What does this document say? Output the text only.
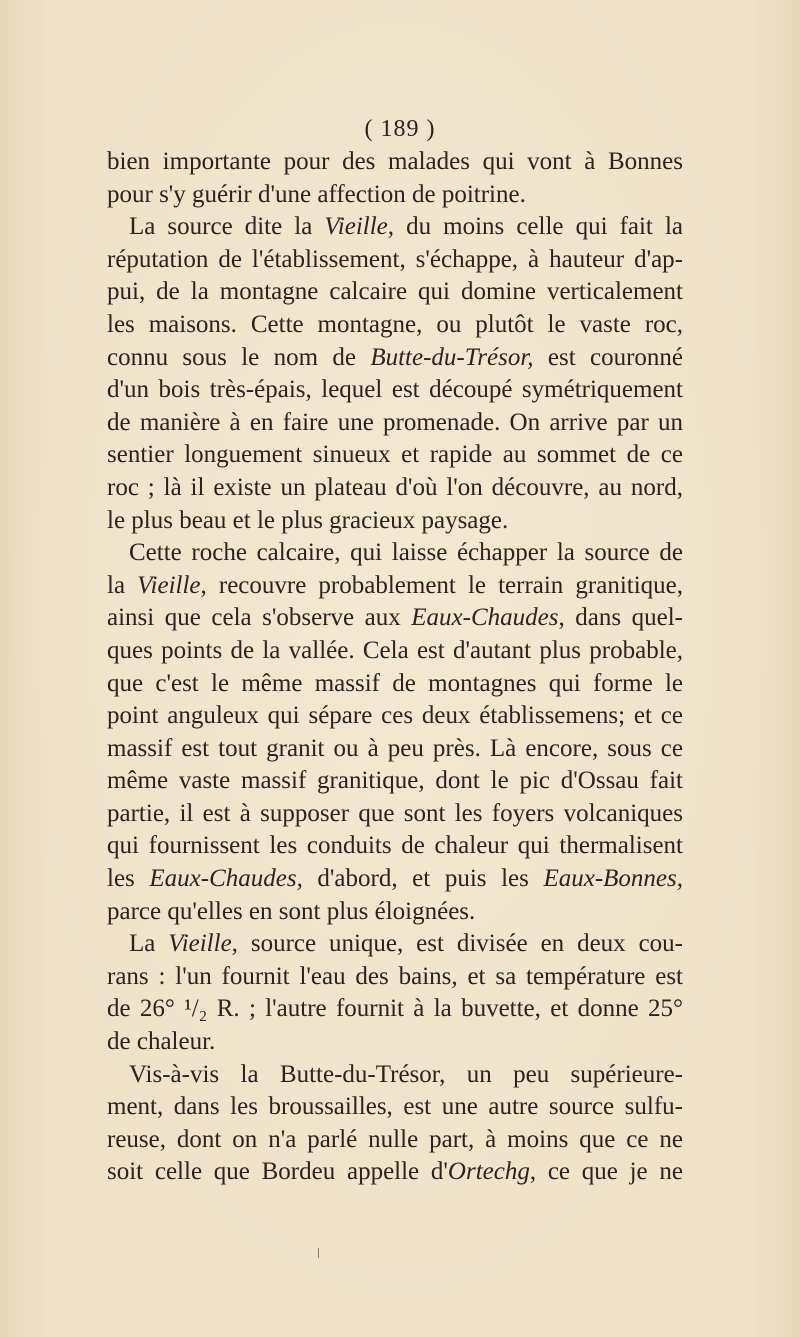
( 189 )
bien importante pour des malades qui vont à Bonnes
pour s'y guérir d'une affection de poitrine.
La source dite la Vieille, du moins celle qui fait la
réputation de l'établissement, s'échappe, à hauteur d'ap-
pui, de la montagne calcaire qui domine verticalement
les maisons. Cette montagne, ou plutôt le vaste roc,
connu sous le nom de Butte-du-Trésor, est couronné
d'un bois très-épais, lequel est découpé symétriquement
de manière à en faire une promenade. On arrive par un
sentier longuement sinueux et rapide au sommet de ce
roc ; là il existe un plateau d'où l'on découvre, au nord,
le plus beau et le plus gracieux paysage.
Cette roche calcaire, qui laisse échapper la source de
la Vieille, recouvre probablement le terrain granitique,
ainsi que cela s'observe aux Eaux-Chaudes, dans quel-
ques points de la vallée. Cela est d'autant plus probable,
que c'est le même massif de montagnes qui forme le
point anguleux qui sépare ces deux établissemens; et ce
massif est tout granit ou à peu près. Là encore, sous ce
même vaste massif granitique, dont le pic d'Ossau fait
partie, il est à supposer que sont les foyers volcaniques
qui fournissent les conduits de chaleur qui thermalisent
les Eaux-Chaudes, d'abord, et puis les Eaux-Bonnes,
parce qu'elles en sont plus éloignées.
La Vieille, source unique, est divisée en deux cou-
rans : l'un fournit l'eau des bains, et sa température est
de 26° ¹/₂ R. ; l'autre fournit à la buvette, et donne 25°
de chaleur.
Vis-à-vis la Butte-du-Trésor, un peu supérieure-
ment, dans les broussailles, est une autre source sulfu-
reuse, dont on n'a parlé nulle part, à moins que ce ne
soit celle que Bordeu appelle d'Ortechg, ce que je ne
